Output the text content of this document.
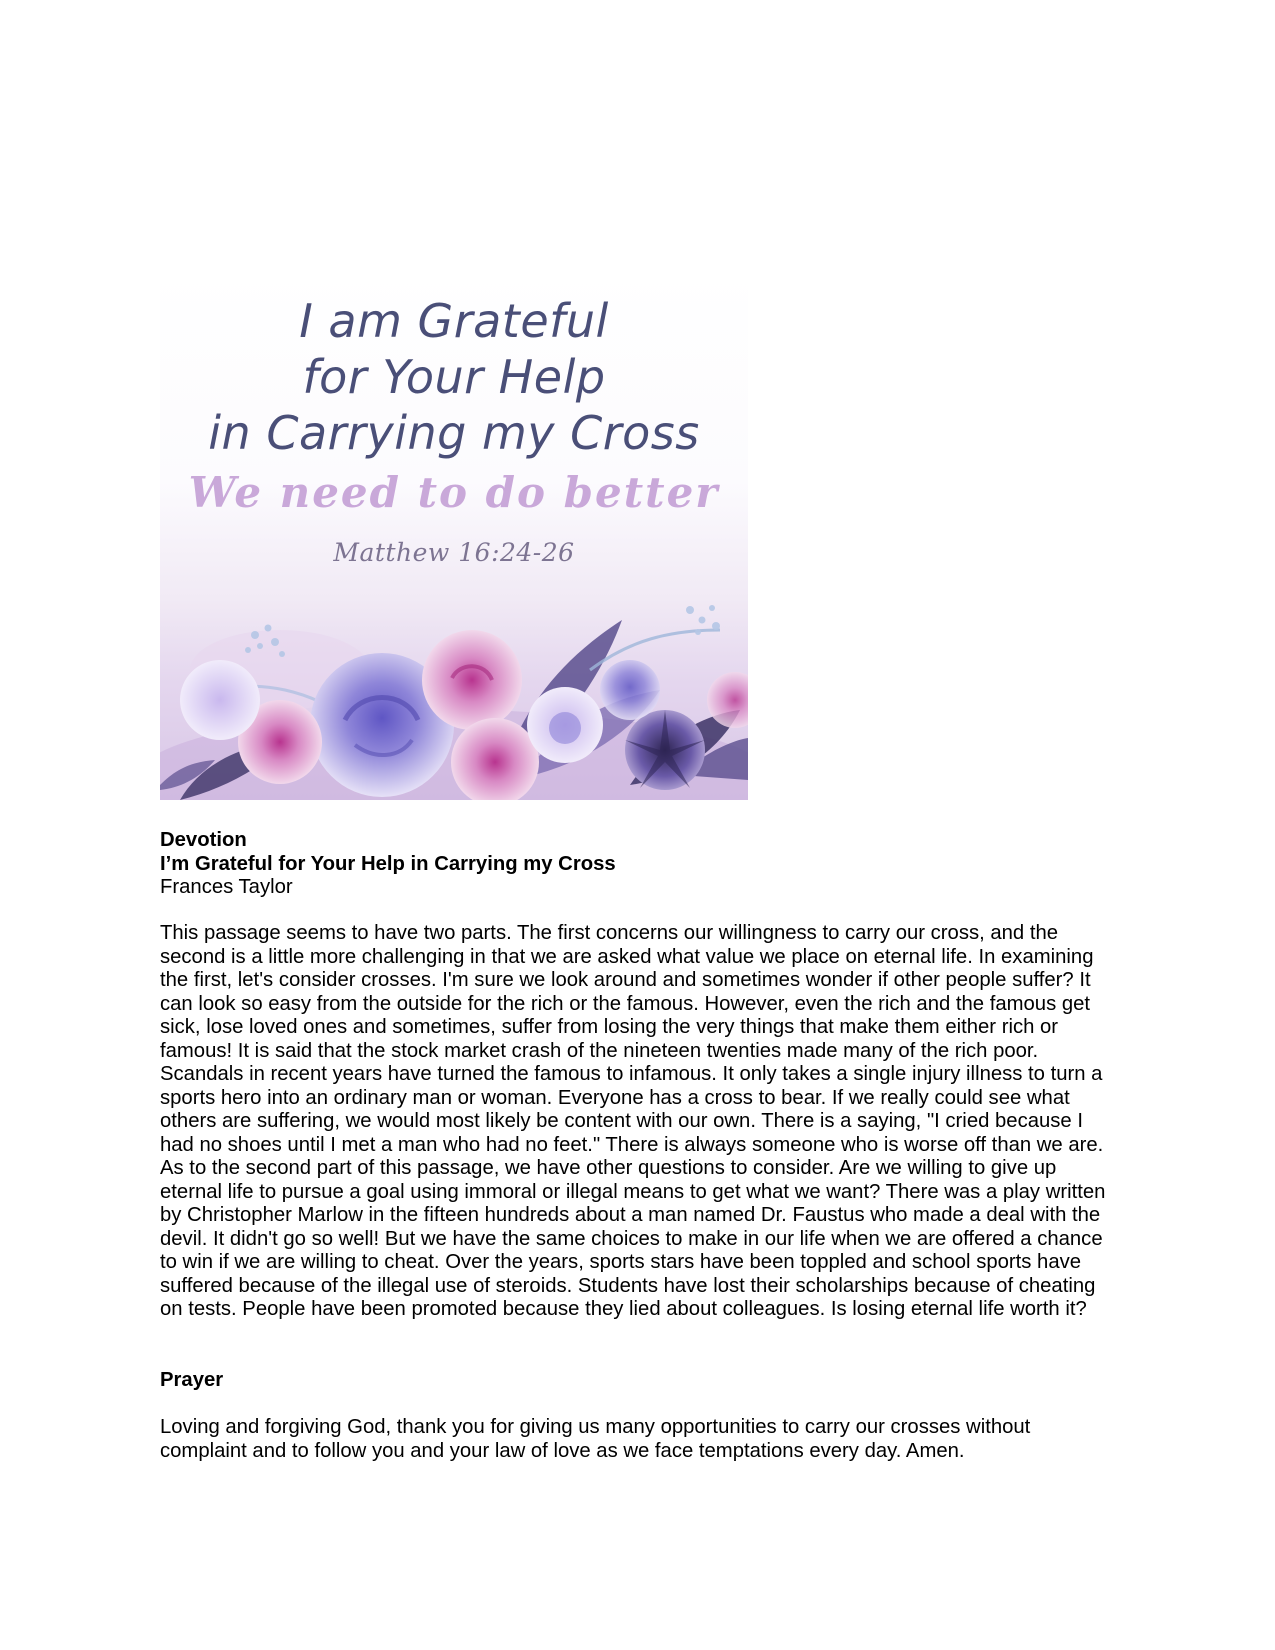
I am Grateful
for Your Help
in Carrying my Cross
We need to do better
Matthew 16:24-26

Devotion

I’m Grateful for Your Help in Carrying my Cross

Frances Taylor

This passage seems to have two parts. The first concerns our willingness to carry our cross, and the second is a little more challenging in that we are asked what value we place on eternal life. In examining the first, let's consider crosses. I'm sure we look around and sometimes wonder if other people suffer? It can look so easy from the outside for the rich or the famous. However, even the rich and the famous get sick, lose loved ones and sometimes, suffer from losing the very things that make them either rich or famous! It is said that the stock market crash of the nineteen twenties made many of the rich poor. Scandals in recent years have turned the famous to infamous. It only takes a single injury illness to turn a sports hero into an ordinary man or woman. Everyone has a cross to bear. If we really could see what others are suffering, we would most likely be content with our own. There is a saying, "I cried because I had no shoes until I met a man who had no feet." There is always someone who is worse off than we are. As to the second part of this passage, we have other questions to consider. Are we willing to give up eternal life to pursue a goal using immoral or illegal means to get what we want? There was a play written by Christopher Marlow in the fifteen hundreds about a man named Dr. Faustus who made a deal with the devil. It didn't go so well! But we have the same choices to make in our life when we are offered a chance to win if we are willing to cheat. Over the years, sports stars have been toppled and school sports have suffered because of the illegal use of steroids. Students have lost their scholarships because of cheating on tests. People have been promoted because they lied about colleagues. Is losing eternal life worth it?

Prayer

Loving and forgiving God, thank you for giving us many opportunities to carry our crosses without complaint and to follow you and your law of love as we face temptations every day. Amen.
